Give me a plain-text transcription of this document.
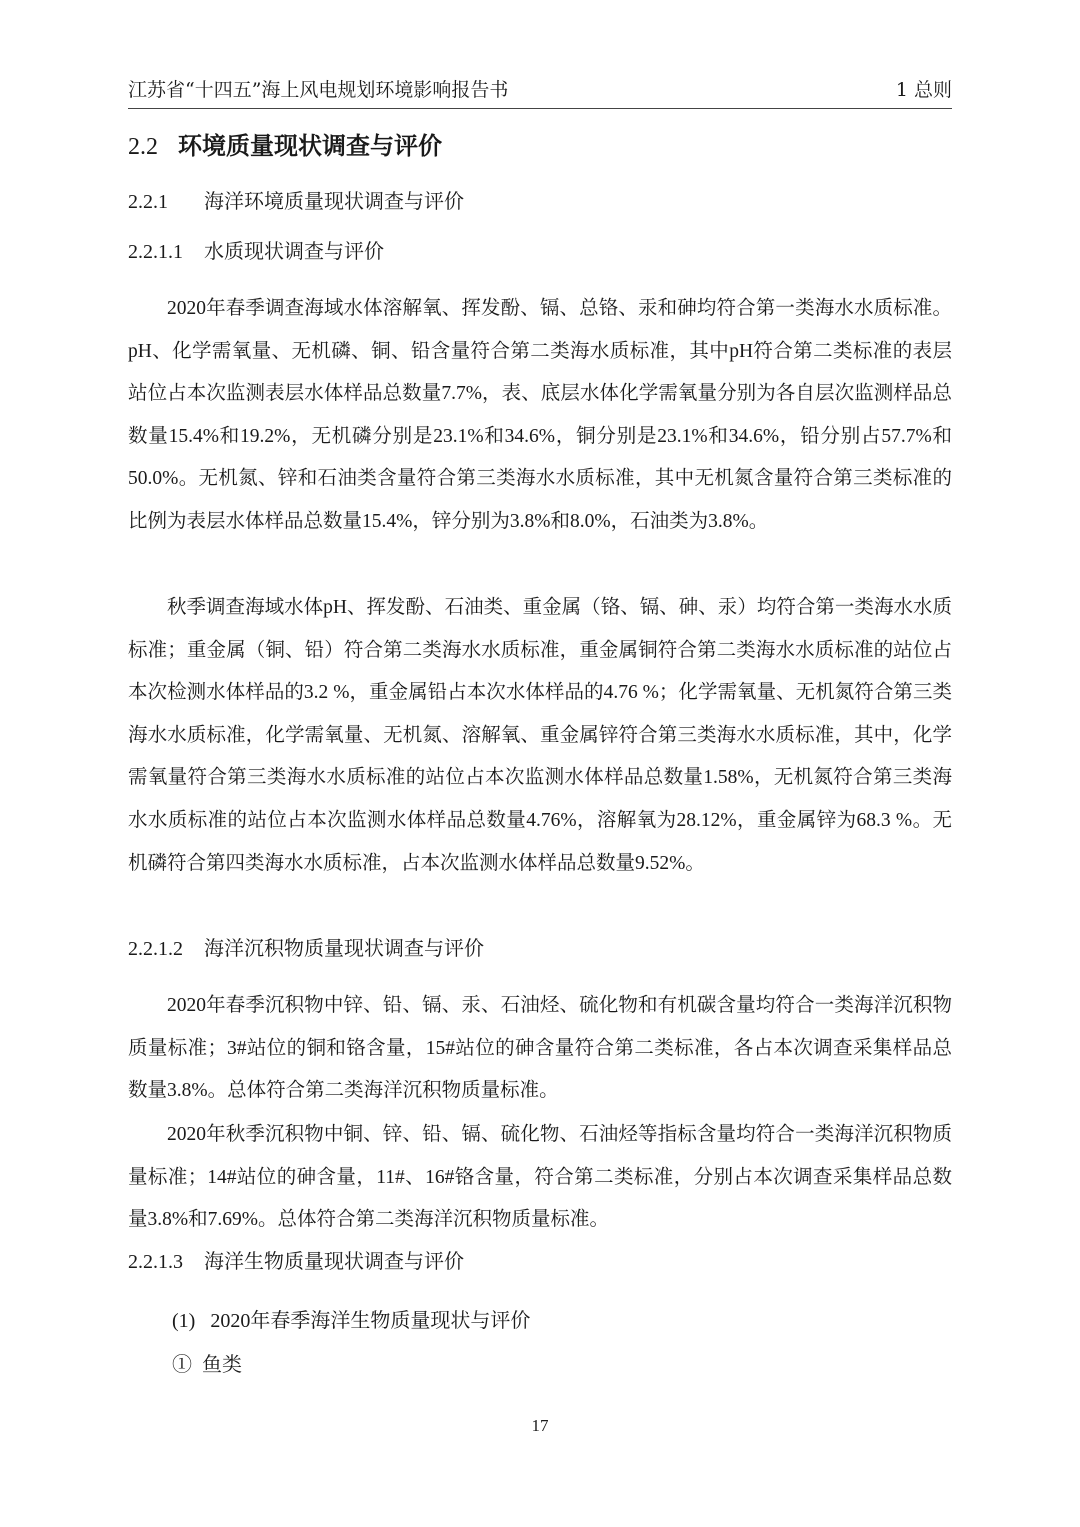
江苏省“十四五”海上风电规划环境影响报告书	1 总则
2.2 环境质量现状调查与评价
2.2.1 海洋环境质量现状调查与评价
2.2.1.1 水质现状调查与评价

2020年春季调查海域水体溶解氧、挥发酚、镉、总铬、汞和砷均符合第一类海水水质标准。pH、化学需氧量、无机磷、铜、铅含量符合第二类海水质标准，其中pH符合第二类标准的表层站位占本次监测表层水体样品总数量7.7%，表、底层水体化学需氧量分别为各自层次监测样品总数量15.4%和19.2%，无机磷分别是23.1%和34.6%，铜分别是23.1%和34.6%，铅分别占57.7%和50.0%。无机氮、锌和石油类含量符合第三类海水水质标准，其中无机氮含量符合第三类标准的比例为表层水体样品总数量15.4%，锌分别为3.8%和8.0%，石油类为3.8%。

秋季调查海域水体pH、挥发酚、石油类、重金属（铬、镉、砷、汞）均符合第一类海水水质标准；重金属（铜、铅）符合第二类海水水质标准，重金属铜符合第二类海水水质标准的站位占本次检测水体样品的3.2 %，重金属铅占本次水体样品的4.76 %；化学需氧量、无机氮符合第三类海水水质标准，化学需氧量、无机氮、溶解氧、重金属锌符合第三类海水水质标准，其中，化学需氧量符合第三类海水水质标准的站位占本次监测水体样品总数量1.58%，无机氮符合第三类海水水质标准的站位占本次监测水体样品总数量4.76%，溶解氧为28.12%，重金属锌为68.3 %。无机磷符合第四类海水水质标准，占本次监测水体样品总数量9.52%。

2.2.1.2 海洋沉积物质量现状调查与评价

2020年春季沉积物中锌、铅、镉、汞、石油烃、硫化物和有机碳含量均符合一类海洋沉积物质量标准；3#站位的铜和铬含量，15#站位的砷含量符合第二类标准，各占本次调查采集样品总数量3.8%。总体符合第二类海洋沉积物质量标准。

2020年秋季沉积物中铜、锌、铅、镉、硫化物、石油烃等指标含量均符合一类海洋沉积物质量标准；14#站位的砷含量，11#、16#铬含量，符合第二类标准，分别占本次调查采集样品总数量3.8%和7.69%。总体符合第二类海洋沉积物质量标准。

2.2.1.3 海洋生物质量现状调查与评价
(1)   2020年春季海洋生物质量现状与评价
①  鱼类
17
